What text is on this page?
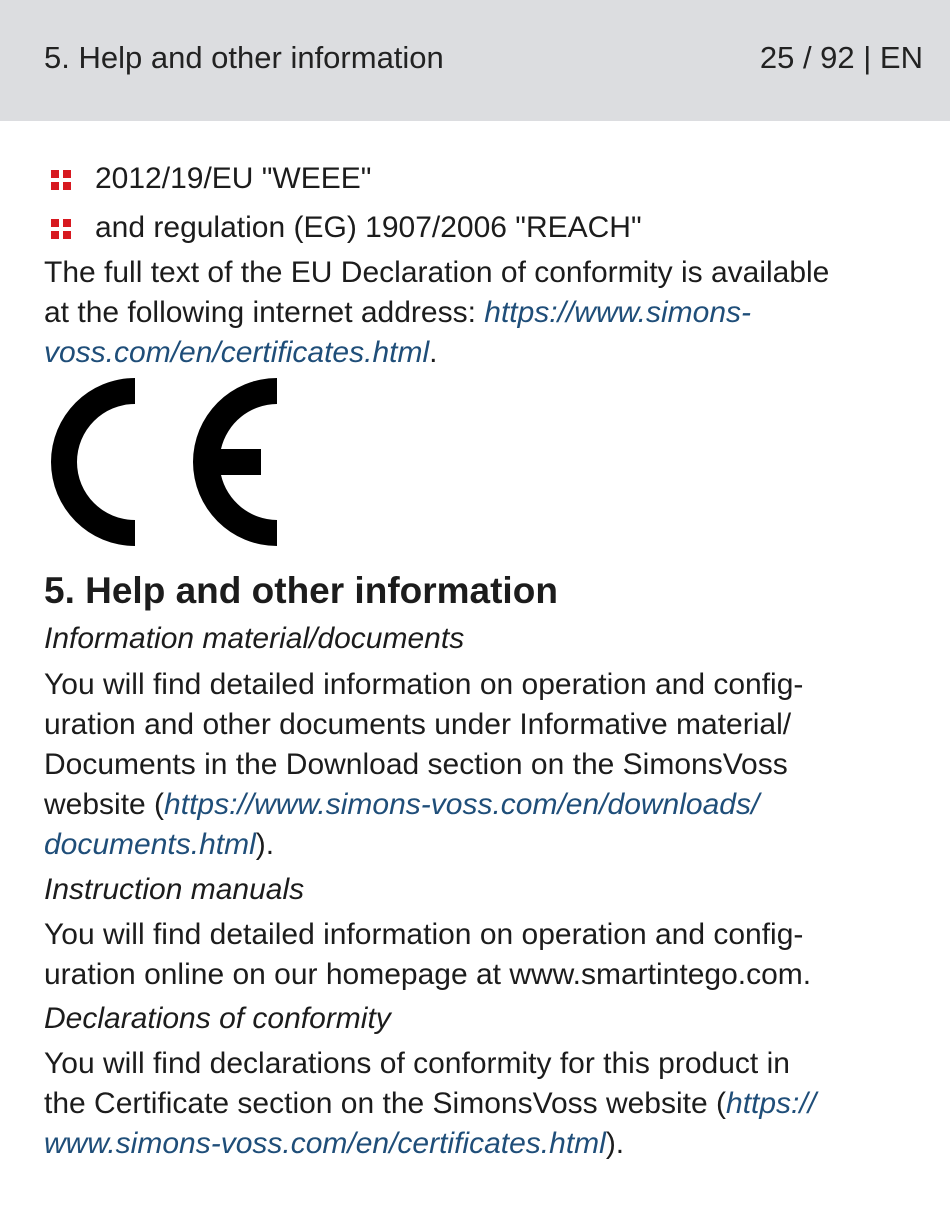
5. Help and other information	25 / 92 | EN
2012/19/EU "WEEE"
and regulation (EG) 1907/2006 "REACH"
The full text of the EU Declaration of conformity is available
at the following internet address: https://www.simons-
voss.com/en/certificates.html.
5. Help and other information
Information material/documents
You will find detailed information on operation and config-
uration and other documents under Informative material/
Documents in the Download section on the SimonsVoss
website (https://www.simons-voss.com/en/downloads/
documents.html).
Instruction manuals
You will find detailed information on operation and config-
uration online on our homepage at www.smartintego.com.
Declarations of conformity
You will find declarations of conformity for this product in
the Certificate section on the SimonsVoss website (https://
www.simons-voss.com/en/certificates.html).
